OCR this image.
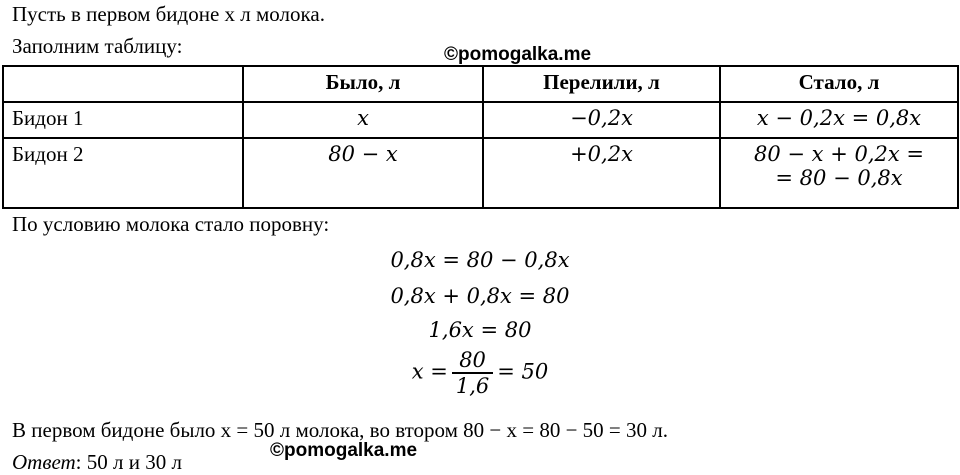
Пусть в первом бидоне x л молока.
Заполним таблицу:	©pomogalka.me
	Было, л	Перелили, л	Стало, л
Бидон 1	x	−0,2x	x − 0,2x = 0,8x
Бидон 2	80 − x	+0,2x	80 − x + 0,2x =
= 80 − 0,8x
По условию молока стало поровну:
0,8x = 80 − 0,8x
0,8x + 0,8x = 80
1,6x = 80
$x = \frac{80}{1,6} = 50$
В первом бидоне было x = 50 л молока, во втором 80 − x = 80 − 50 = 30 л.
©pomogalka.me
Ответ: 50 л и 30 л
